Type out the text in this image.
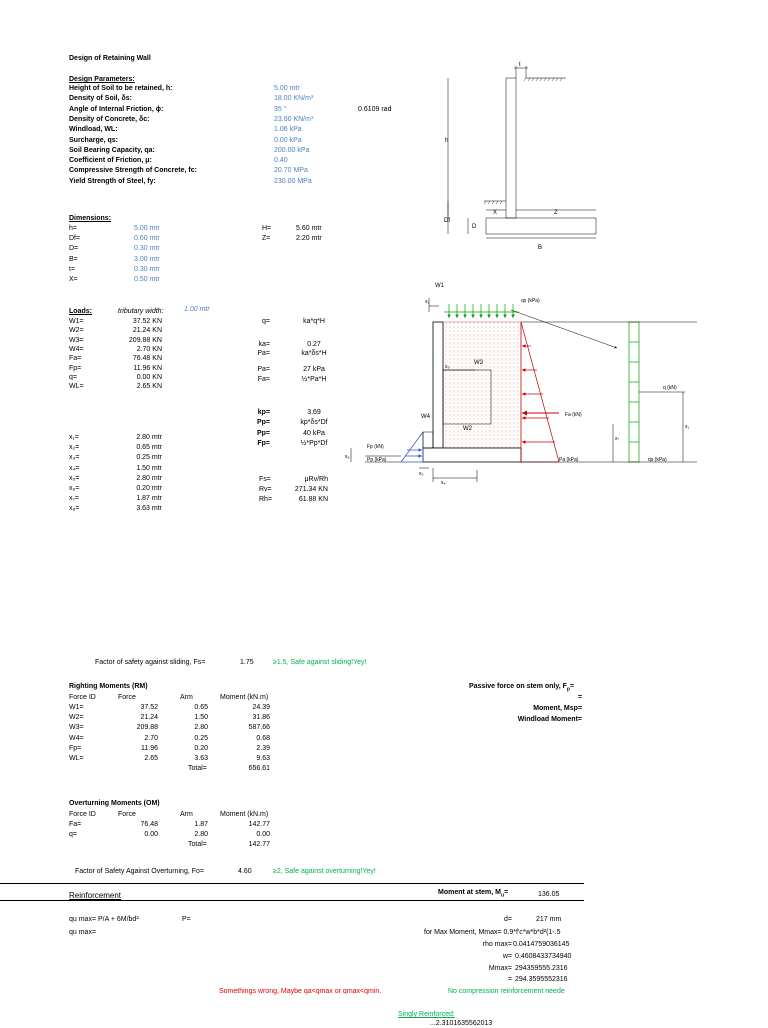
Design of Retaining Wall
Design Parameters:
Height of Soil to be retained, h:	5.00 mtr
Density of Soil, δs:	18.00 KN/m³
Angle of Internal Friction, ϕ:	35 °	0.6109 rad
Density of Concrete, δc:	23.60 KN/m³
Windload, WL:	1.06 kPa
Surcharge, qs:	0.00 kPa
Soil Bearing Capacity, qa:	200.00 kPa
Coefficient of Friction, μ:	0.40
Compressive Strength of Concrete, fc:	20.70 MPa
Yield Strength of Steel, fy:	230.00 MPa
Dimensions:
h=	5.00 mtr
Df=	0.60 mtr
D=	0.30 mtr
B=	3.00 mtr
t=	0.30 mtr
X=	0.50 mtr
H=	5.60 mtr
Z=	2.20 mtr
Loads:	tributary width:	1.00 mtr
W1=	37.52 KN
W2=	21.24 KN
W3=	209.88 KN
W4=	2.70 KN
Fa=	76.48 KN
Fp=	11.96 KN
q=	0.00 KN
WL=	2.65 KN
q=	ka*q*H
ka=	0.27
Pa=	ka*δs*H
Pa=	27 kPa
Fa=	½*Pa*H
kp=	3.69
Pp=	kp*δs*Df
Pp=	40 kPa
Fp=	½*Pp*Df
x₁=	2.80 mtr
x₂=	0.65 mtr
x₃=	0.25 mtr
x₄=	1.50 mtr
x₅=	2.80 mtr
x₆=	0.20 mtr
x₇=	1.87 mtr
x₈=	3.63 mtr
Fs=	μRv/Rh
Rv=	271.34 KN
Rh=	61.88 KN
Factor of safety against sliding, Fs=	1.75	≥1.5, Safe against sliding!Yey!
Passive force on stem only, $F_p=$
=
Moment, Msp=
Windload Moment=
Righting Moments (RM)
Force ID	Force	Arm	Moment (kN.m)
W1=	37.52	0.65	24.39
W2=	21.24	1.50	31.86
W3=	209.88	2.80	587.66
W4=	2.70	0.25	0.68
Fp=	11.96	0.20	2.39
WL=	2.65	3.63	9.63
Total=	656.61
Overturning Moments (OM)
Force ID	Force	Arm	Moment (kN.m)
Fa=	76.48	1.87	142.77
q=	0.00	2.80	0.00
Total=	142.77
Factor of Safety Against Overturning, Fo=	4.60	≥2, Safe against overturning!Yey!
Reinforcement	Moment at stem, $M_u=$	136.05
qu max= P/A + 6M/bd²	P=
qu max=
d=	217 mm
for Max Moment, Mmax= 0.9*f'c*w*b*d²(1-.5
rho max= 0.0414759036145
w= 0.4608433734940
Mmax= 294359555.2316
= 294.3595552316
Somethings wrong, Maybe qa<qmax or qmax<qmin.	No compression reinforcement neede
Singly Reinforced:
...2.3101635562013
t
h
Df
X	Z
D
B
W1
x₂	qs (kPa)
W3
x₅
W4
W2
Fa (kN)
Fp (kN)
Pp (kPa)	Pa (kPa)
x₃
x₄
x₆
x₇
x₁
q (kN)
qs (kPa)
